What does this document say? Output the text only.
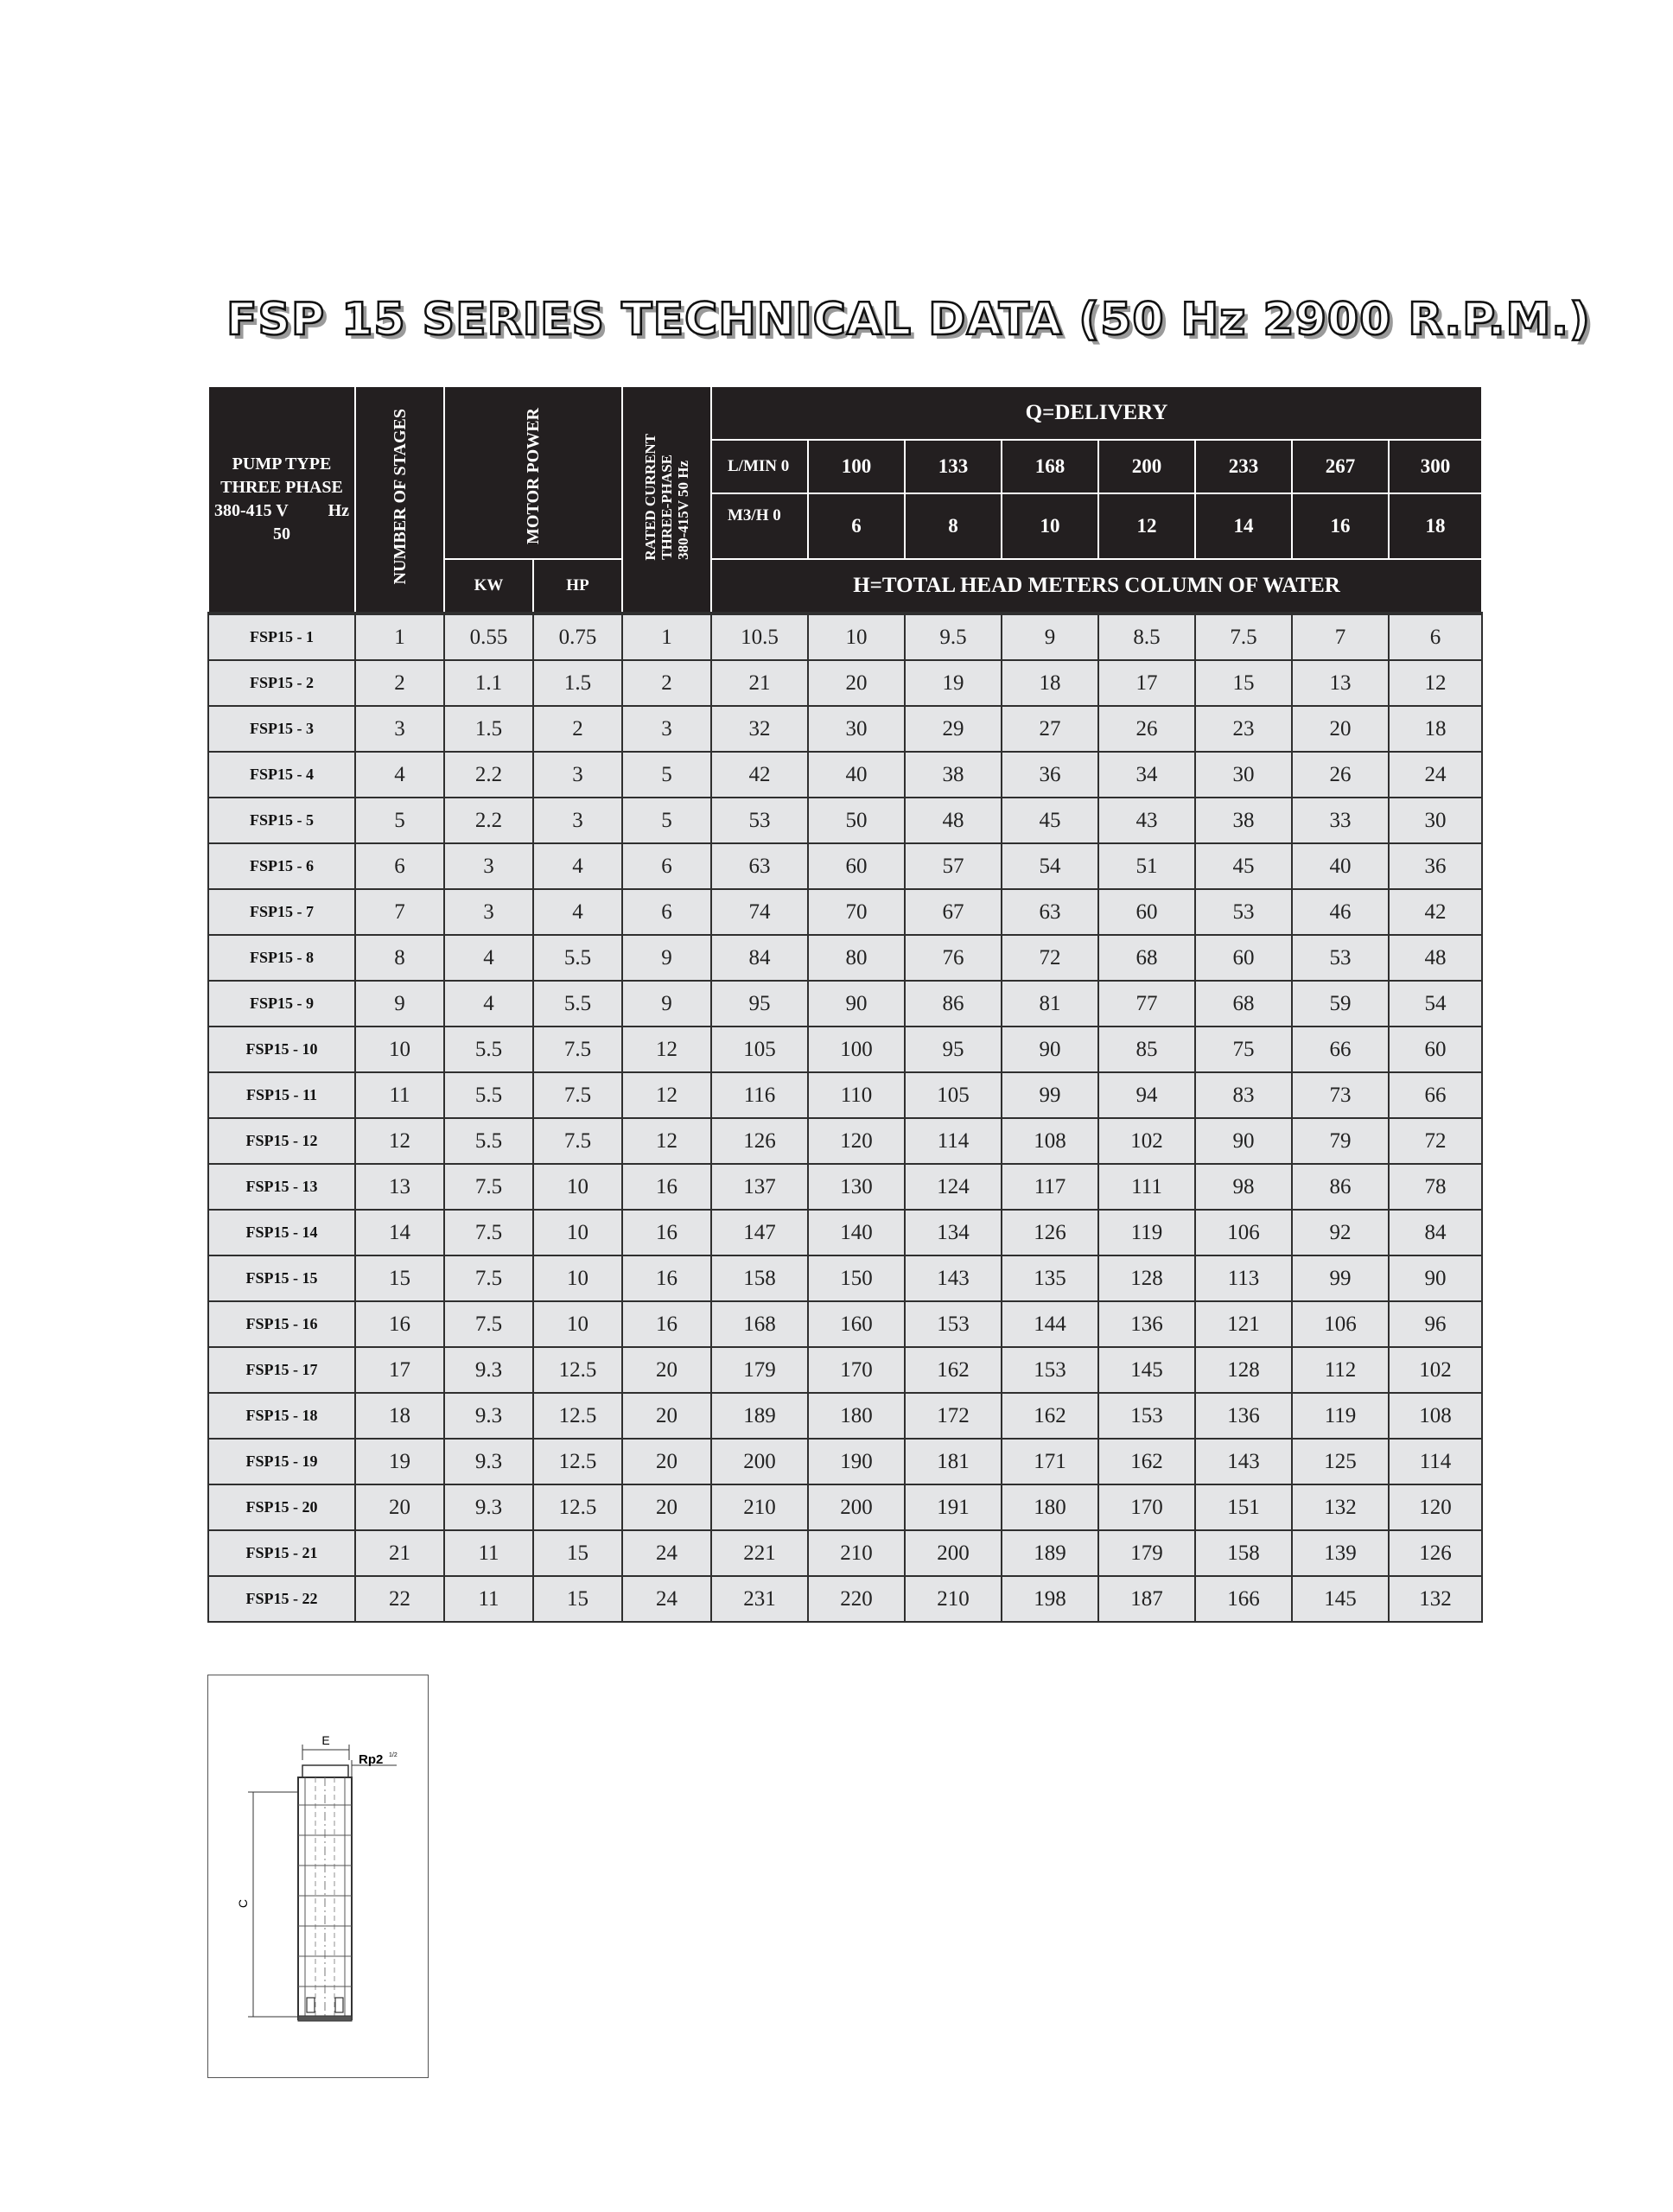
FSP 15 SERIES TECHNICAL DATA (50 Hz 2900 R.P.M.)
PUMP TYPE
THREE PHASE
380-415 V Hz
50	NUMBER OF STAGES	MOTOR POWER		RATED CURRENTTHREE-PHASE380-415V 50 Hz	Q=DELIVERY							
					L/MIN 0	100	133	168	200	233	267	300
					M3/H 0	6	8	10	12	14	16	18
		KW	HP		H=TOTAL HEAD METERS COLUMN OF WATER							
FSP15 - 1	1	0.55	0.75	1	10.5	10	9.5	9	8.5	7.5	7	6
FSP15 - 2	2	1.1	1.5	2	21	20	19	18	17	15	13	12
FSP15 - 3	3	1.5	2	3	32	30	29	27	26	23	20	18
FSP15 - 4	4	2.2	3	5	42	40	38	36	34	30	26	24
FSP15 - 5	5	2.2	3	5	53	50	48	45	43	38	33	30
FSP15 - 6	6	3	4	6	63	60	57	54	51	45	40	36
FSP15 - 7	7	3	4	6	74	70	67	63	60	53	46	42
FSP15 - 8	8	4	5.5	9	84	80	76	72	68	60	53	48
FSP15 - 9	9	4	5.5	9	95	90	86	81	77	68	59	54
FSP15 - 10	10	5.5	7.5	12	105	100	95	90	85	75	66	60
FSP15 - 11	11	5.5	7.5	12	116	110	105	99	94	83	73	66
FSP15 - 12	12	5.5	7.5	12	126	120	114	108	102	90	79	72
FSP15 - 13	13	7.5	10	16	137	130	124	117	111	98	86	78
FSP15 - 14	14	7.5	10	16	147	140	134	126	119	106	92	84
FSP15 - 15	15	7.5	10	16	158	150	143	135	128	113	99	90
FSP15 - 16	16	7.5	10	16	168	160	153	144	136	121	106	96
FSP15 - 17	17	9.3	12.5	20	179	170	162	153	145	128	112	102
FSP15 - 18	18	9.3	12.5	20	189	180	172	162	153	136	119	108
FSP15 - 19	19	9.3	12.5	20	200	190	181	171	162	143	125	114
FSP15 - 20	20	9.3	12.5	20	210	200	191	180	170	151	132	120
FSP15 - 21	21	11	15	24	221	210	200	189	179	158	139	126
FSP15 - 22	22	11	15	24	231	220	210	198	187	166	145	132
E
Rp2 1/2
C
